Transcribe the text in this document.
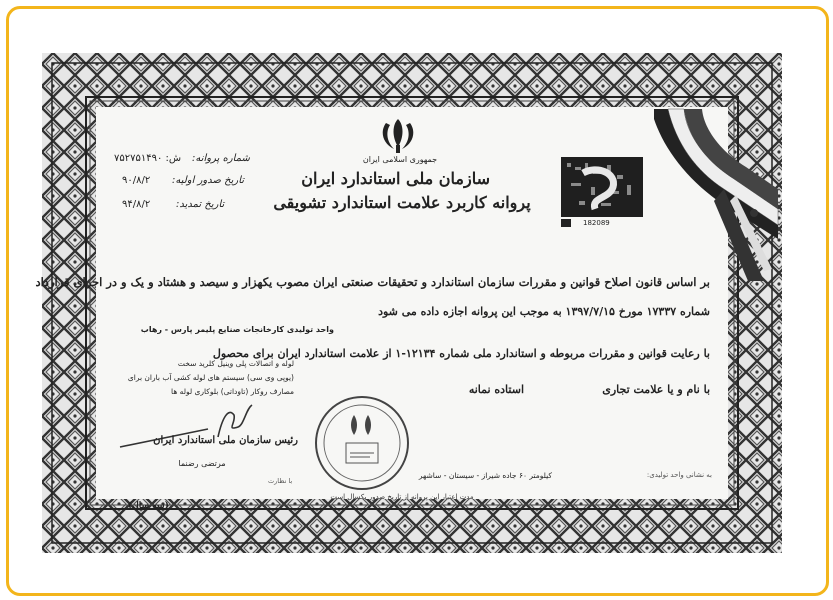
جمهوری اسلامی ایران
سازمان ملی استاندارد ایران
پروانه کاربرد علامت استاندارد تشویقی
ش: ۷۵۲۷۵۱۴۹۰ شماره پروانه:
۹۰/۸/۲ تاریخ صدور اولیه:
۹۴/۸/۲	تاریخ تمدید:
182089
بر اساس قانون اصلاح قوانین و مقررات سازمان استاندارد و تحقیقات صنعتی ایران مصوب یکهزار و سیصد و هشتاد و یک و در اجرای قرارداد
شماره ۱۷۳۳۷ مورخ ۱۳۹۷/۷/۱۵ به موجب این پروانه اجازه داده می شود
واحد تولیدی کارخانجات صنایع پلیمر پارس - رهاب
با رعایت قوانین و مقررات مربوطه و استاندارد ملی شماره ۱۲۱۳۴-۱ از علامت استاندارد ایران برای محصول
لوله و اتصالات پلی وینیل کلرید سخت
(یوپی وی سی) سیستم های لوله کشی آب باران برای
مصارف روکار (تاوداتی) بلوکاری لوله ها	با نام و یا علامت تجاری
استاده نمانه
رئیس سازمان ملی استاندارد ایران
مرتضی رضنما
با نظارت
کیلومتر ۶۰ جاده شیراز - سیستان - ساشهر	به نشانی واحد تولیدی:
مدت اعتبار این پروانه از تاریخ صدور یکسال است
(سه سال)
